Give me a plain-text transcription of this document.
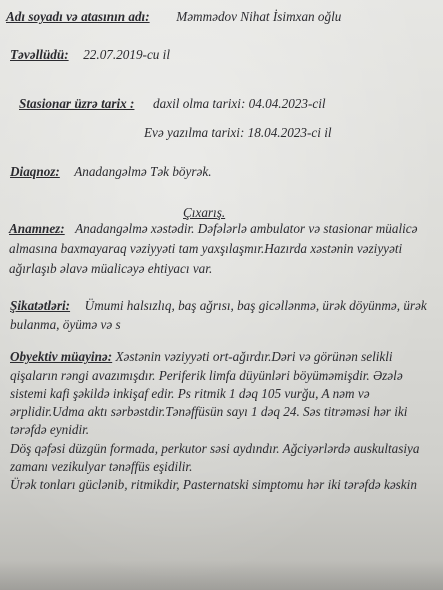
Adı soyadı və atasının adı: Məmmədov Nihat İsimxan oğlu
Təvəllüdü: 22.07.2019-cu il
Stasionar üzrə tarix : daxil olma tarixi: 04.04.2023-cil
Evə yazılma tarixi: 18.04.2023-ci il
Diaqnoz: Anadangəlmə Tək böyrək.
Çıxarış.
Anamnez: Anadangəlmə xəstədir. Dəfələrlə ambulator və stasionar müalicə
almasına baxmayaraq vəziyyəti tam yaxşılaşmır.Hazırda xəstənin vəziyyəti
ağırlaşıb əlavə müalicəyə ehtiyacı var.
Şikatətləri: Ümumi halsızlıq, baş ağrısı, baş gicəllənmə, ürək döyünmə, ürək
bulanma, öyümə və s
Obyektiv müayinə: Xəstənin vəziyyəti ort-ağırdır.Dəri və görünən selikli
qişaların rəngi avazımışdır. Periferik limfa düyünləri böyüməmişdir. Əzələ
sistemi kafi şəkildə inkişaf edir. Ps ritmik 1 dəq 105 vurğu, A nəm və
ərplidir.Udma aktı sərbəstdir.Tənəffüsün sayı 1 dəq 24. Səs titrəməsi hər iki
tərəfdə eynidir.
Döş qəfəsi düzgün formada, perkutor səsi aydındır. Ağciyərlərdə auskultasiya
zamanı vezikulyar tənəffüs eşidilir.
Ürək tonları güclənib, ritmikdir, Pasternatski simptomu hər iki tərəfdə kəskin
